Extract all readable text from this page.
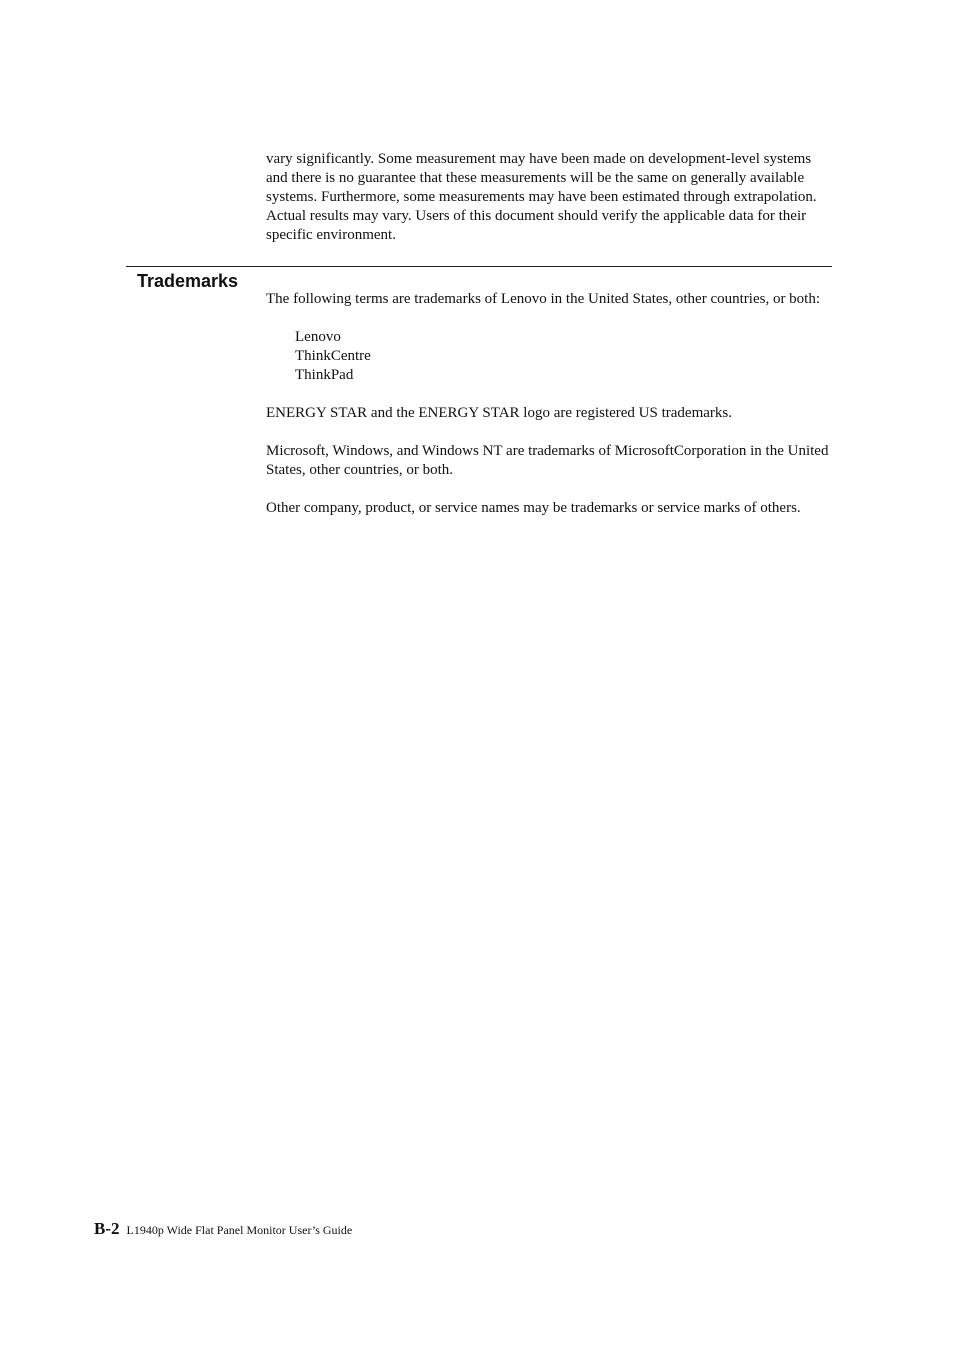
vary significantly. Some measurement may have been made on development-level systems and there is no guarantee that these measurements will be the same on generally available systems. Furthermore, some measurements may have been estimated through extrapolation. Actual results may vary. Users of this document should verify the applicable data for their specific environment.

Trademarks

The following terms are trademarks of Lenovo in the United States, other countries, or both:

Lenovo
ThinkCentre
ThinkPad

ENERGY STAR and the ENERGY STAR logo are registered US trademarks.

Microsoft, Windows, and Windows NT are trademarks of MicrosoftCorporation in the United States, other countries, or both.

Other company, product, or service names may be trademarks or service marks of others.

B-2 L1940p Wide Flat Panel Monitor User’s Guide
